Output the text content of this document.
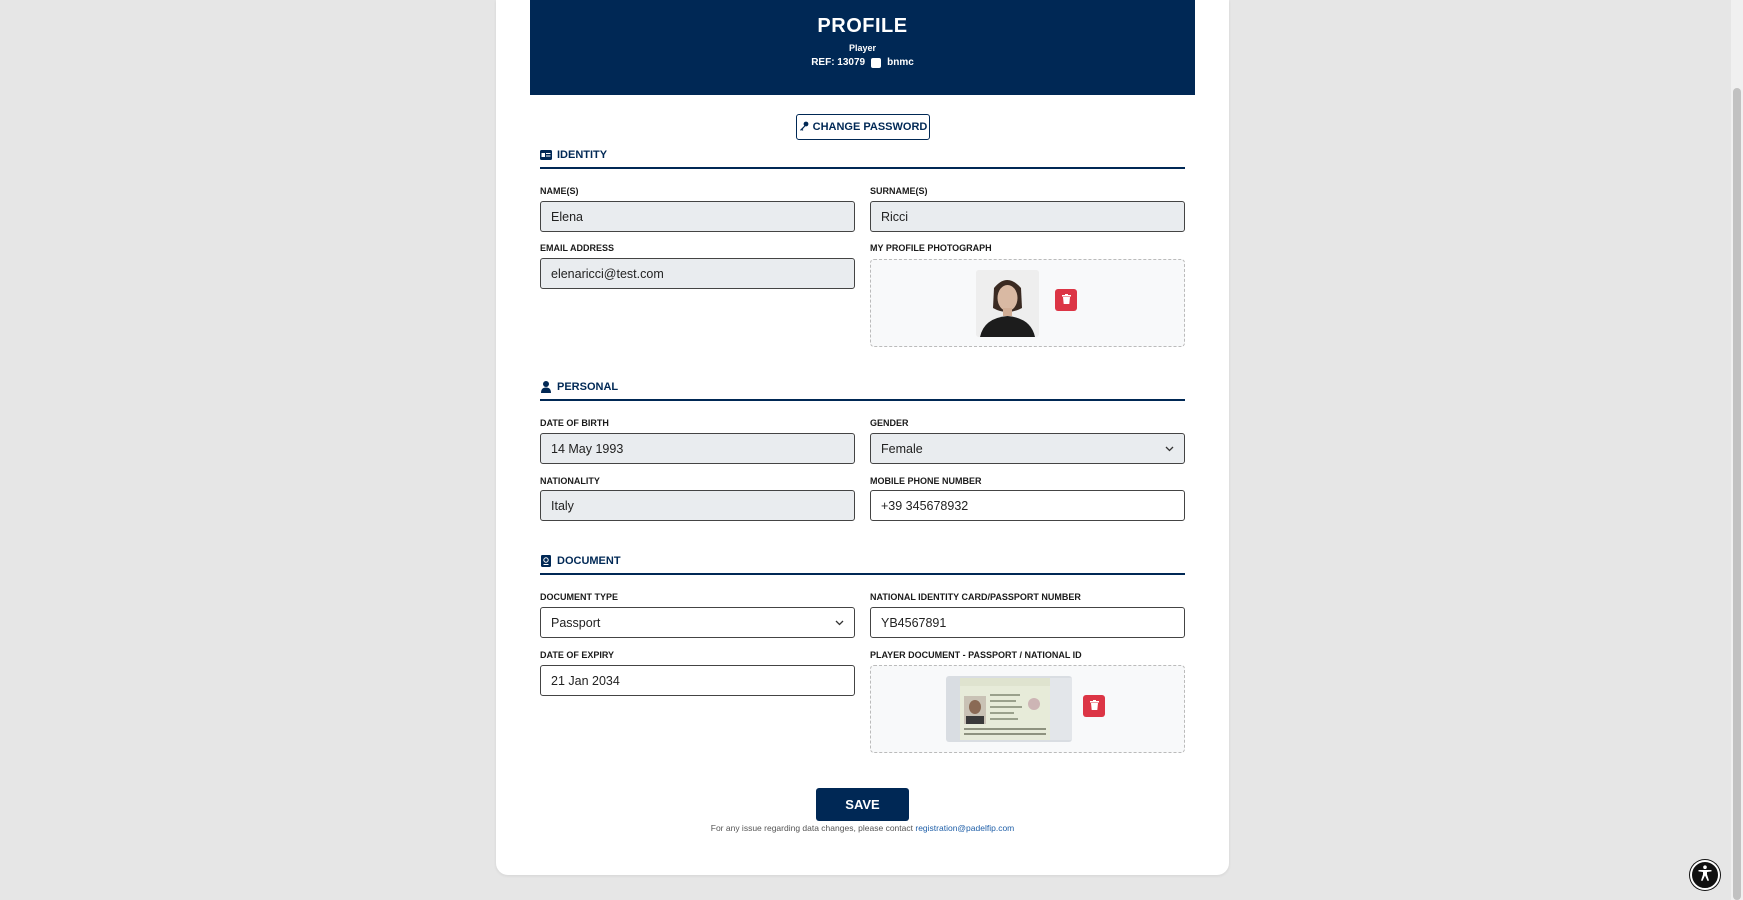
PROFILE
Player
REF: 13079 bnmc
CHANGE PASSWORD
IDENTITY
NAME(S)
Elena
SURNAME(S)
Ricci
EMAIL ADDRESS
elenaricci@test.com
MY PROFILE PHOTOGRAPH
PERSONAL
DATE OF BIRTH
14 May 1993
GENDER
Female
NATIONALITY
Italy
MOBILE PHONE NUMBER
+39 345678932
DOCUMENT
DOCUMENT TYPE
Passport
NATIONAL IDENTITY CARD/PASSPORT NUMBER
YB4567891
DATE OF EXPIRY
21 Jan 2034
PLAYER DOCUMENT - PASSPORT / NATIONAL ID
SAVE
For any issue regarding data changes, please contact registration@padelfip.com
